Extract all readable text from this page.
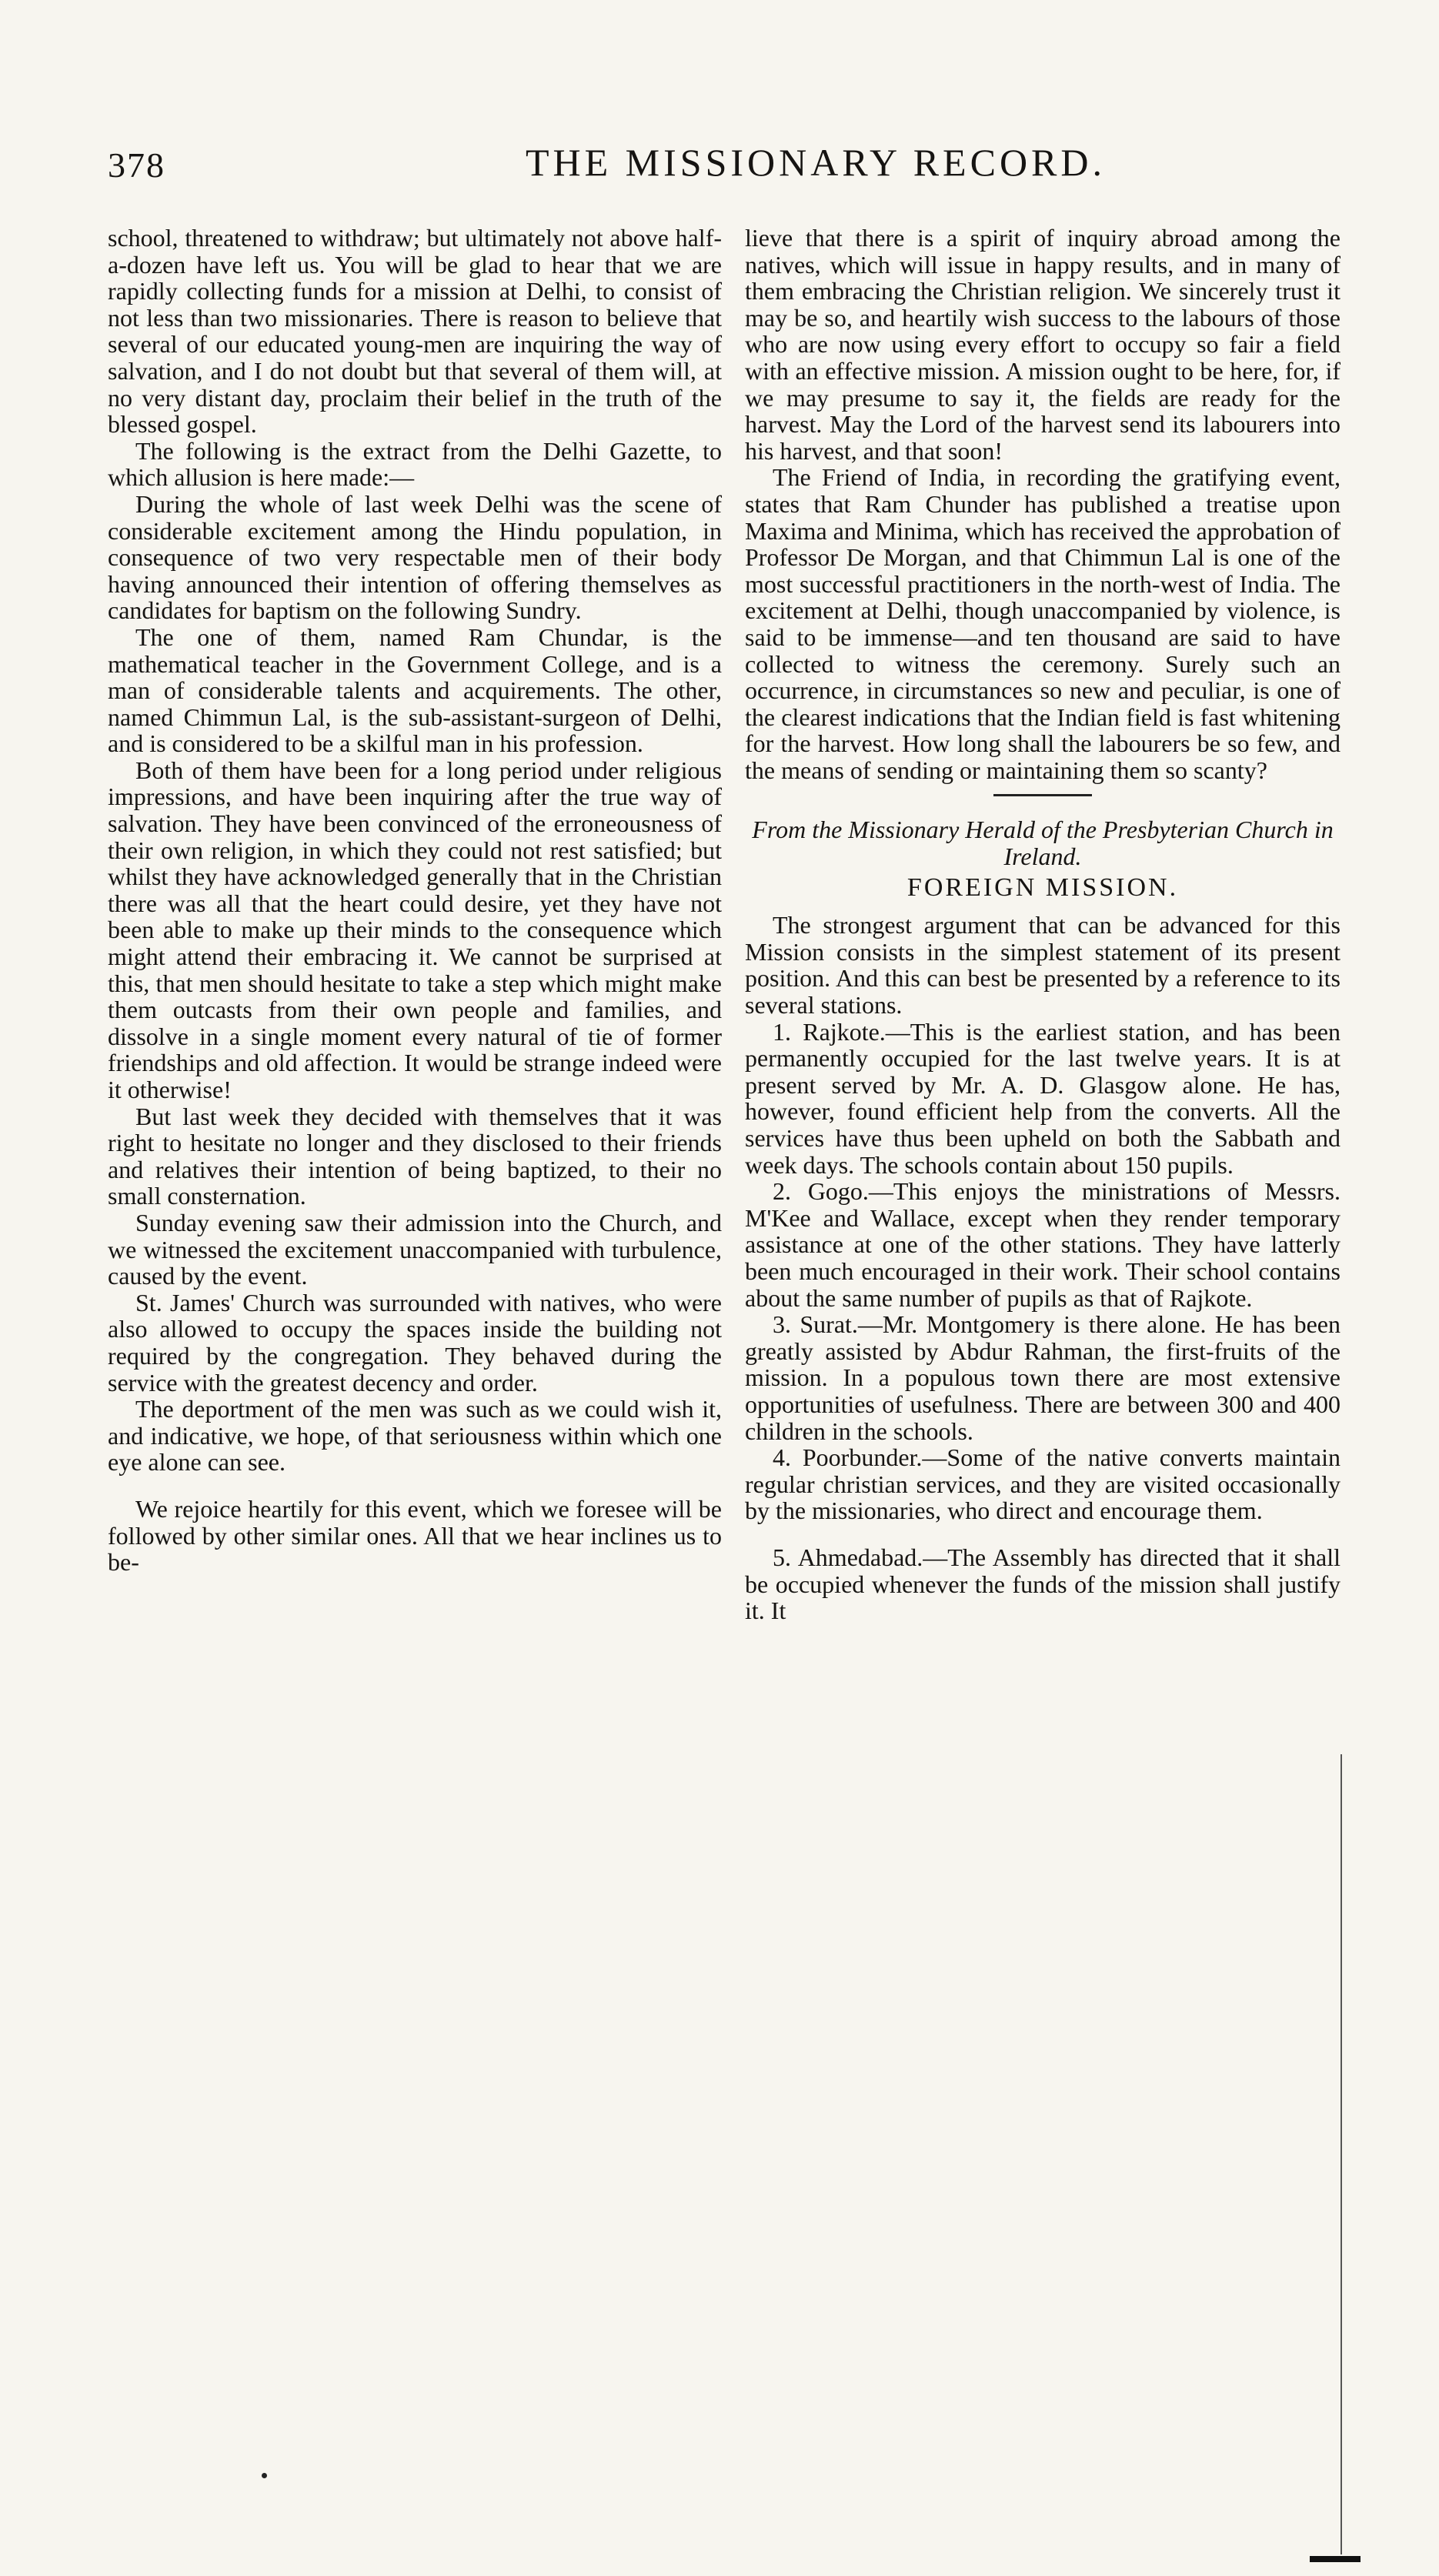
378	THE MISSIONARY RECORD.

school, threatened to withdraw; but ultimately not above half-a-dozen have left us. You will be glad to hear that we are rapidly collecting funds for a mission at Delhi, to consist of not less than two missionaries. There is reason to believe that several of our educated young-men are inquiring the way of salvation, and I do not doubt but that several of them will, at no very distant day, proclaim their belief in the truth of the blessed gospel.

The following is the extract from the Delhi Gazette, to which allusion is here made:—

During the whole of last week Delhi was the scene of considerable excitement among the Hindu population, in consequence of two very respectable men of their body having announced their intention of offering themselves as candidates for baptism on the following Sundry.

The one of them, named Ram Chundar, is the mathematical teacher in the Government College, and is a man of considerable talents and acquirements. The other, named Chimmun Lal, is the sub-assistant-surgeon of Delhi, and is considered to be a skilful man in his profession.

Both of them have been for a long period under religious impressions, and have been inquiring after the true way of salvation. They have been convinced of the erroneousness of their own religion, in which they could not rest satisfied; but whilst they have acknowledged generally that in the Christian there was all that the heart could desire, yet they have not been able to make up their minds to the consequence which might attend their embracing it. We cannot be surprised at this, that men should hesitate to take a step which might make them outcasts from their own people and families, and dissolve in a single moment every natural of tie of former friendships and old affection. It would be strange indeed were it otherwise!

But last week they decided with themselves that it was right to hesitate no longer and they disclosed to their friends and relatives their intention of being baptized, to their no small consternation.

Sunday evening saw their admission into the Church, and we witnessed the excitement unaccompanied with turbulence, caused by the event.

St. James' Church was surrounded with natives, who were also allowed to occupy the spaces inside the building not required by the congregation. They behaved during the service with the greatest decency and order.

The deportment of the men was such as we could wish it, and indicative, we hope, of that seriousness within which one eye alone can see.

We rejoice heartily for this event, which we foresee will be followed by other similar ones. All that we hear inclines us to be-

lieve that there is a spirit of inquiry abroad among the natives, which will issue in happy results, and in many of them embracing the Christian religion. We sincerely trust it may be so, and heartily wish success to the labours of those who are now using every effort to occupy so fair a field with an effective mission. A mission ought to be here, for, if we may presume to say it, the fields are ready for the harvest. May the Lord of the harvest send its labourers into his harvest, and that soon!

The Friend of India, in recording the gratifying event, states that Ram Chunder has published a treatise upon Maxima and Minima, which has received the approbation of Professor De Morgan, and that Chimmun Lal is one of the most successful practitioners in the north-west of India. The excitement at Delhi, though unaccompanied by violence, is said to be immense—and ten thousand are said to have collected to witness the ceremony. Surely such an occurrence, in circumstances so new and peculiar, is one of the clearest indications that the Indian field is fast whitening for the harvest. How long shall the labourers be so few, and the means of sending or maintaining them so scanty?

From the Missionary Herald of the Presbyterian Church in Ireland.

FOREIGN MISSION.

The strongest argument that can be advanced for this Mission consists in the simplest statement of its present position. And this can best be presented by a reference to its several stations.

1. Rajkote.—This is the earliest station, and has been permanently occupied for the last twelve years. It is at present served by Mr. A. D. Glasgow alone. He has, however, found efficient help from the converts. All the services have thus been upheld on both the Sabbath and week days. The schools contain about 150 pupils.

2. Gogo.—This enjoys the ministrations of Messrs. M'Kee and Wallace, except when they render temporary assistance at one of the other stations. They have latterly been much encouraged in their work. Their school contains about the same number of pupils as that of Rajkote.

3. Surat.—Mr. Montgomery is there alone. He has been greatly assisted by Abdur Rahman, the first-fruits of the mission. In a populous town there are most extensive opportunities of usefulness. There are between 300 and 400 children in the schools.

4. Poorbunder.—Some of the native converts maintain regular christian services, and they are visited occasionally by the missionaries, who direct and encourage them.

5. Ahmedabad.—The Assembly has directed that it shall be occupied whenever the funds of the mission shall justify it. It
